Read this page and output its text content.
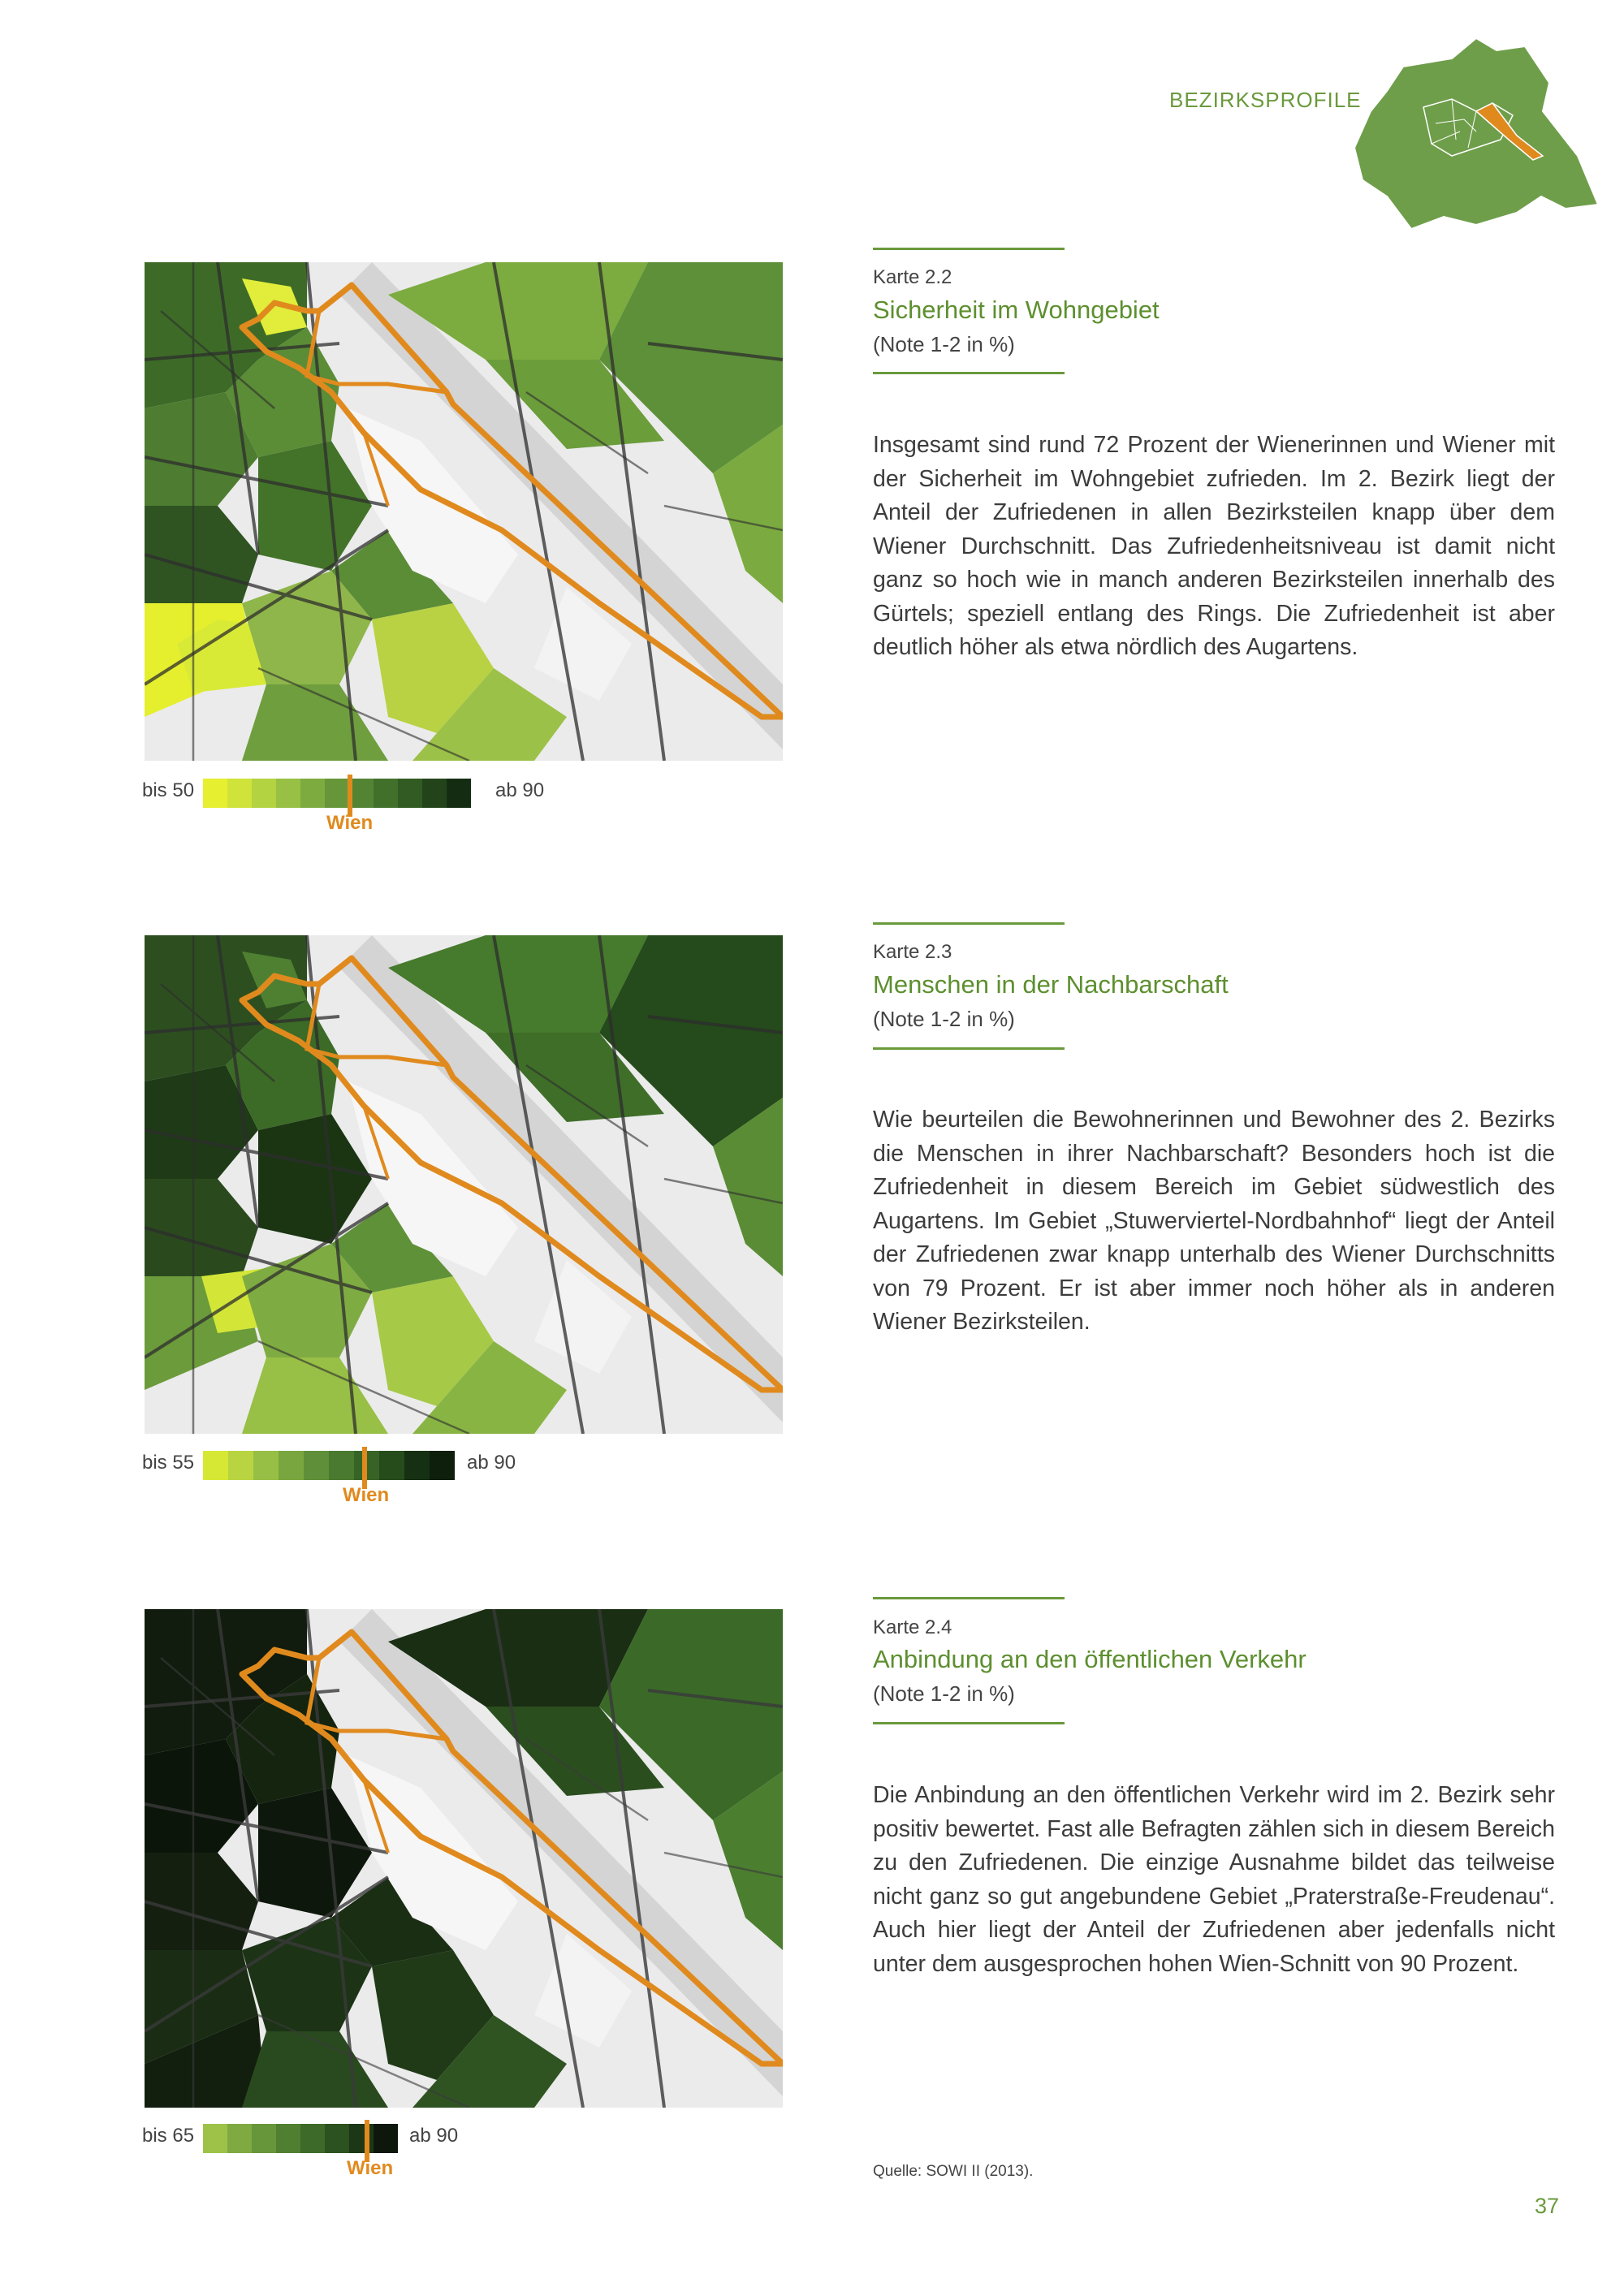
BEZIRKSPROFILE
Karte 2.2
Sicherheit im Wohngebiet
(Note 1-2 in %)
Insgesamt sind rund 72 Prozent der Wienerinnen und Wiener mit der Sicherheit im Wohngebiet zufrieden. Im 2. Bezirk liegt der Anteil der Zufriedenen in allen Bezirksteilen knapp über dem Wiener Durchschnitt. Das Zufriedenheitsniveau ist damit nicht ganz so hoch wie in manch anderen Bezirksteilen innerhalb des Gürtels; speziell entlang des Rings. Die Zufriedenheit ist aber deutlich höher als etwa nördlich des Augartens.
bis 50
Wien
ab 90
Karte 2.3
Menschen in der Nachbarschaft
(Note 1-2 in %)
Wie beurteilen die Bewohnerinnen und Bewohner des 2. Bezirks die Menschen in ihrer Nachbarschaft? Besonders hoch ist die Zufriedenheit in diesem Bereich im Gebiet südwestlich des Augartens. Im Gebiet „Stuwerviertel-Nordbahnhof“ liegt der Anteil der Zufriedenen zwar knapp unterhalb des Wiener Durchschnitts von 79 Prozent. Er ist aber immer noch höher als in anderen Wiener Bezirksteilen.
bis 55
Wien
ab 90
Karte 2.4
Anbindung an den öffentlichen Verkehr
(Note 1-2 in %)
Die Anbindung an den öffentlichen Verkehr wird im 2. Bezirk sehr positiv bewertet. Fast alle Befragten zählen sich in diesem Bereich zu den Zufriedenen. Die einzige Ausnahme bildet das teilweise nicht ganz so gut angebundene Gebiet „Praterstraße-Freudenau“. Auch hier liegt der Anteil der Zufriedenen aber jedenfalls nicht unter dem ausgesprochen hohen Wien-Schnitt von 90 Prozent.
bis 65
Wien
ab 90
Quelle: SOWI II (2013).
37
